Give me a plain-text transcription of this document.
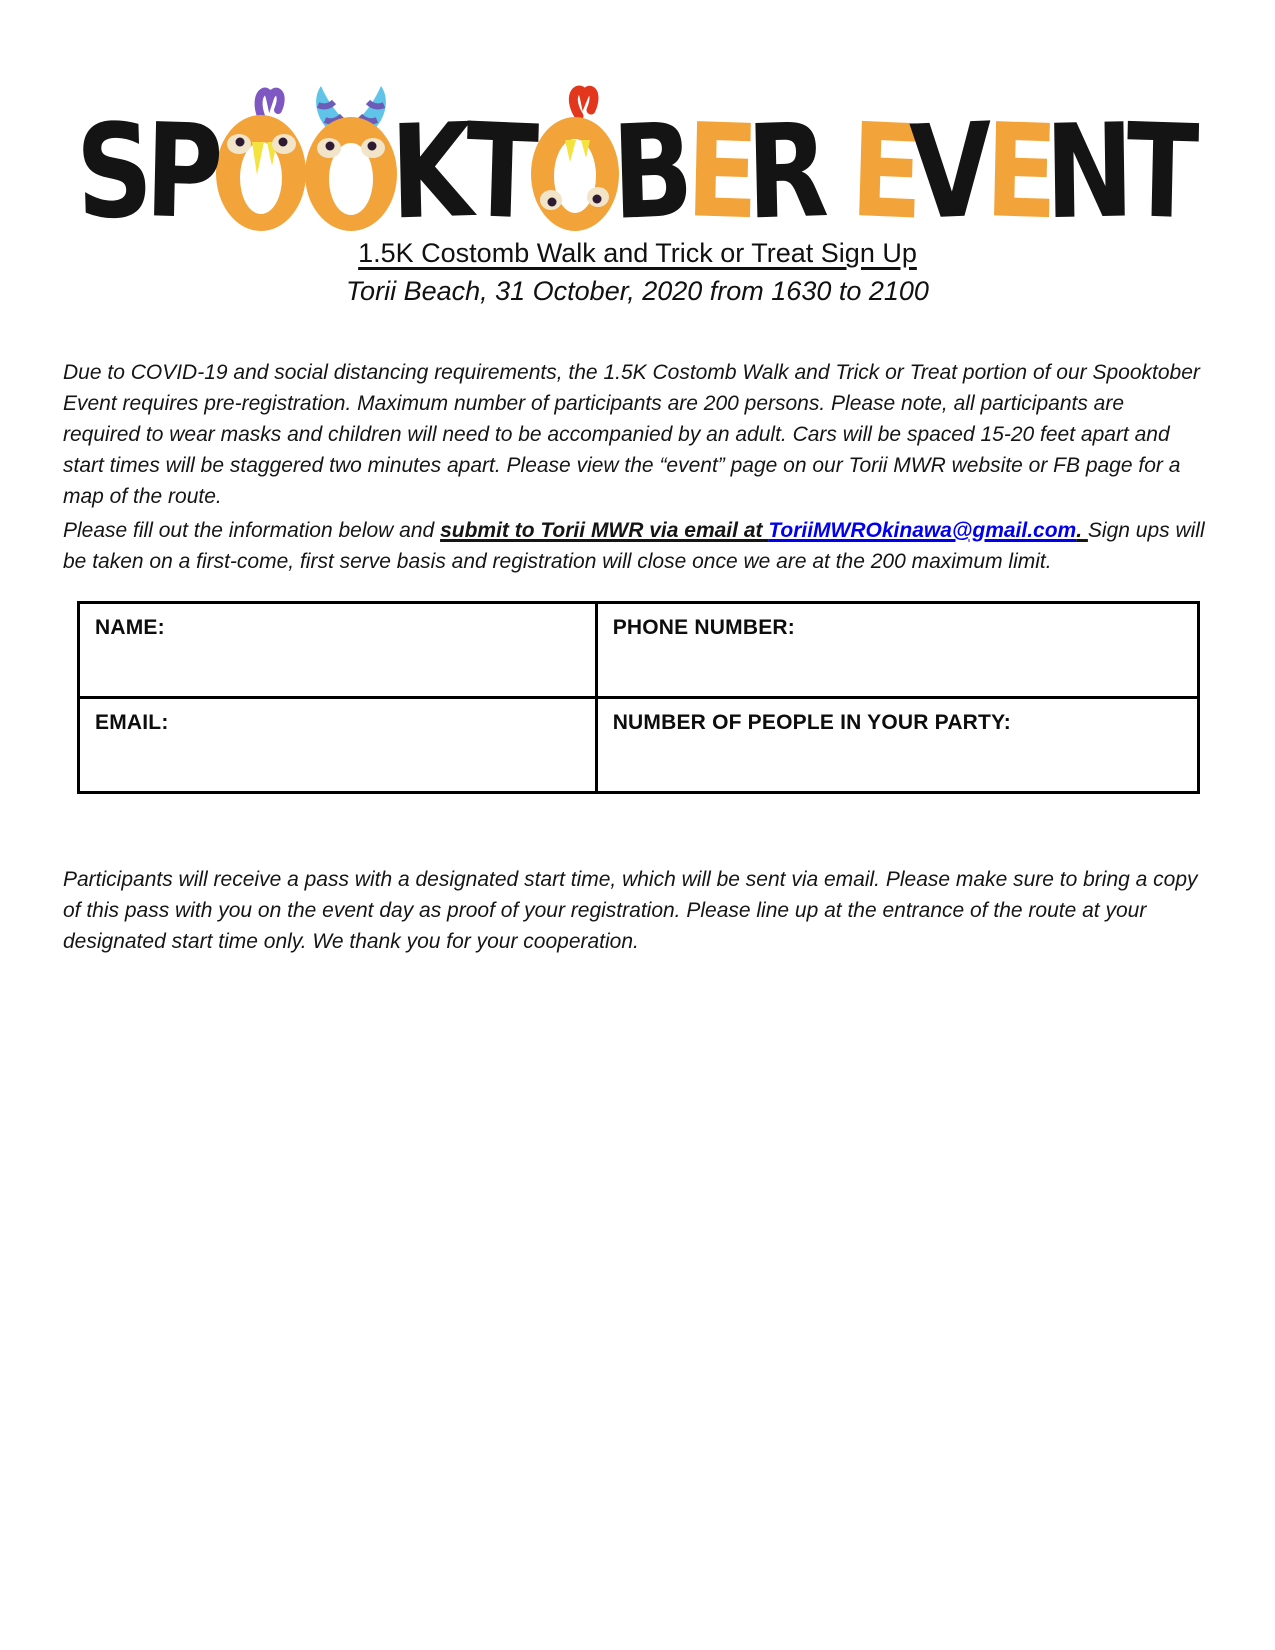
S
P K
T B
E
R E
V
E
N
T
1.5K Costomb Walk and Trick or Treat Sign Up
Torii Beach, 31 October, 2020 from 1630 to 2100

Due to COVID-19 and social distancing requirements, the 1.5K Costomb Walk and Trick or Treat portion of our Spooktober
Event requires pre-registration. Maximum number of participants are 200 persons. Please note, all participants are
required to wear masks and children will need to be accompanied by an adult. Cars will be spaced 15-20 feet apart and
start times will be staggered two minutes apart. Please view the “event” page on our Torii MWR website or FB page for a
map of the route.

Please fill out the information below and submit to Torii MWR via email at ToriiMWROkinawa@gmail.com. Sign ups will
be taken on a first-come, first serve basis and registration will close once we are at the 200 maximum limit.

NAME:	PHONE NUMBER:
EMAIL:	NUMBER OF PEOPLE IN YOUR PARTY:

Participants will receive a pass with a designated start time, which will be sent via email. Please make sure to bring a copy
of this pass with you on the event day as proof of your registration. Please line up at the entrance of the route at your
designated start time only. We thank you for your cooperation.
